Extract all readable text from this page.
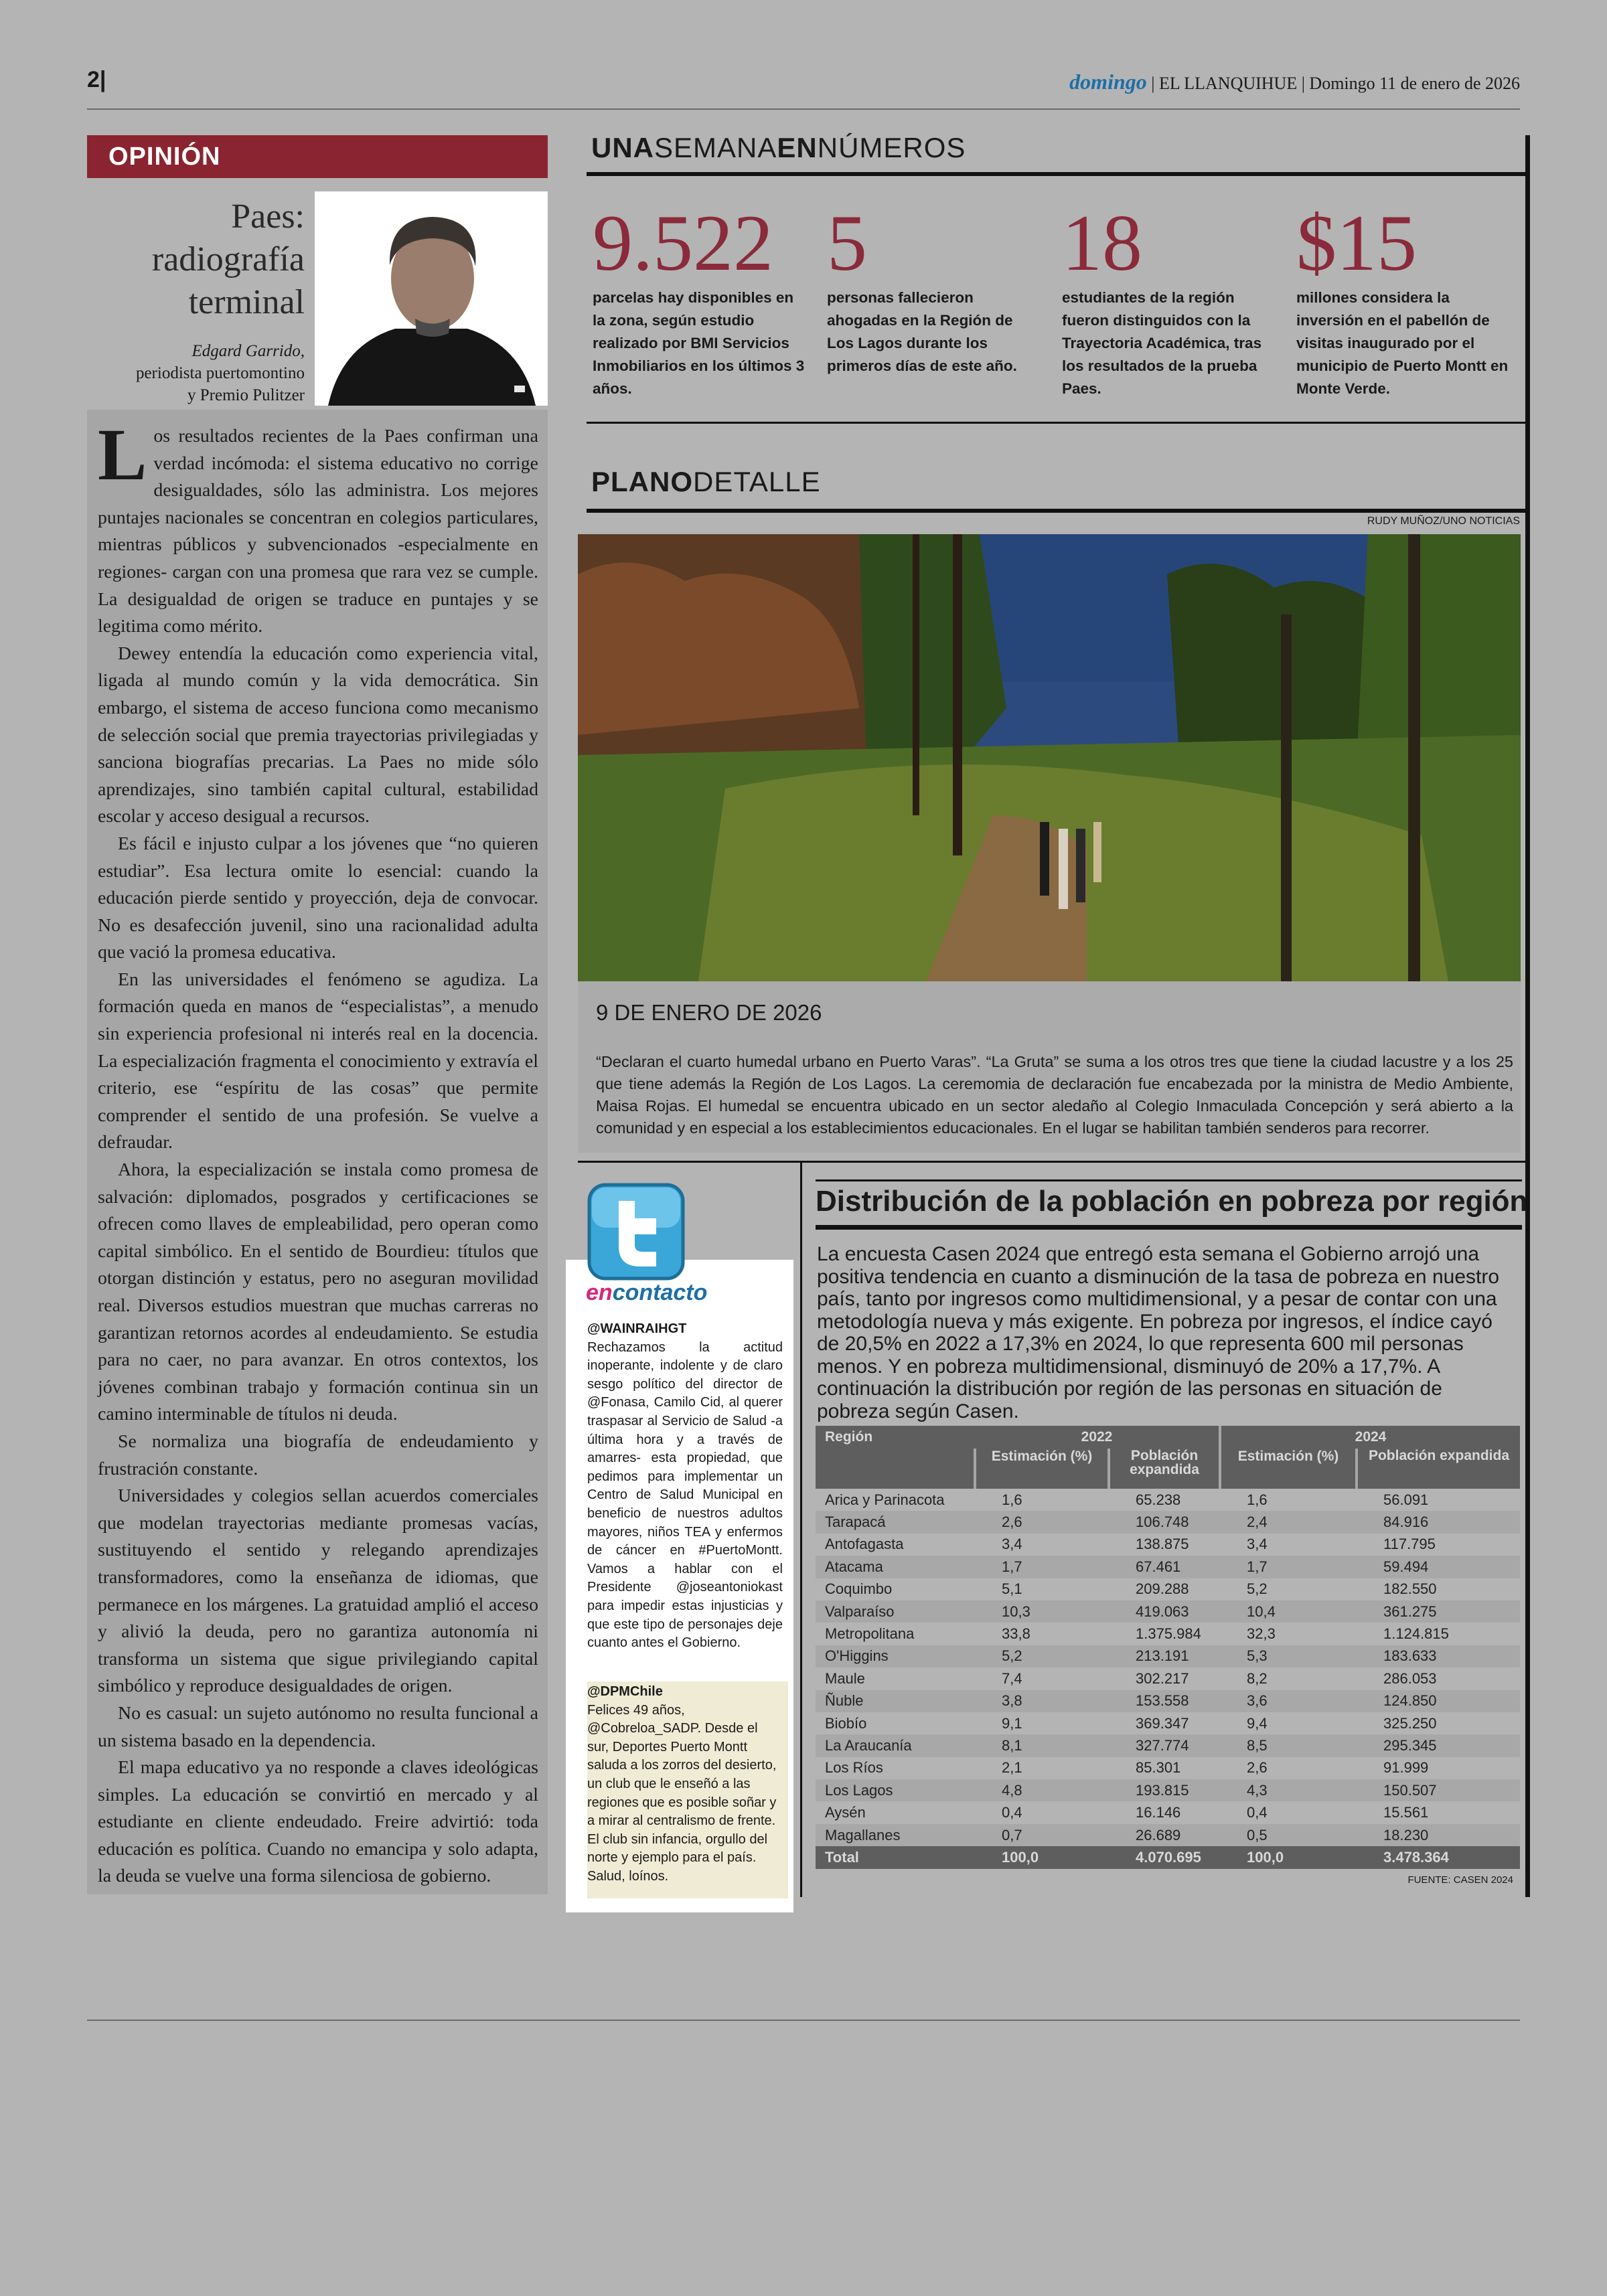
2|	domingo | EL LLANQUIHUE | Domingo 11 de enero de 2026
OPINIÓN
Paes: radiografía terminal
Edgard Garrido,
periodista puertomontino
y Premio Pulitzer

Los resultados recientes de la Paes confirman una verdad incómoda: el sistema educativo no corrige desigualdades, sólo las administra. Los mejores puntajes nacionales se concentran en colegios particulares, mientras públicos y subvencionados -especialmente en regiones- cargan con una promesa que rara vez se cumple. La desigualdad de origen se traduce en puntajes y se legitima como mérito.

Dewey entendía la educación como experiencia vital, ligada al mundo común y la vida democrática. Sin embargo, el sistema de acceso funciona como mecanismo de selección social que premia trayectorias privilegiadas y sanciona biografías precarias. La Paes no mide sólo aprendizajes, sino también capital cultural, estabilidad escolar y acceso desigual a recursos.

Es fácil e injusto culpar a los jóvenes que “no quieren estudiar”. Esa lectura omite lo esencial: cuando la educación pierde sentido y proyección, deja de convocar. No es desafección juvenil, sino una racionalidad adulta que vació la promesa educativa.

En las universidades el fenómeno se agudiza. La formación queda en manos de “especialistas”, a menudo sin experiencia profesional ni interés real en la docencia. La especialización fragmenta el conocimiento y extravía el criterio, ese “espíritu de las cosas” que permite comprender el sentido de una profesión. Se vuelve a defraudar.

Ahora, la especialización se instala como promesa de salvación: diplomados, posgrados y certificaciones se ofrecen como llaves de empleabilidad, pero operan como capital simbólico. En el sentido de Bourdieu: títulos que otorgan distinción y estatus, pero no aseguran movilidad real. Diversos estudios muestran que muchas carreras no garantizan retornos acordes al endeudamiento. Se estudia para no caer, no para avanzar. En otros contextos, los jóvenes combinan trabajo y formación continua sin un camino interminable de títulos ni deuda.

Se normaliza una biografía de endeudamiento y frustración constante.

Universidades y colegios sellan acuerdos comerciales que modelan trayectorias mediante promesas vacías, sustituyendo el sentido y relegando aprendizajes transformadores, como la enseñanza de idiomas, que permanece en los márgenes. La gratuidad amplió el acceso y alivió la deuda, pero no garantiza autonomía ni transforma un sistema que sigue privilegiando capital simbólico y reproduce desigualdades de origen.

No es casual: un sujeto autónomo no resulta funcional a un sistema basado en la dependencia.

El mapa educativo ya no responde a claves ideológicas simples. La educación se convirtió en mercado y al estudiante en cliente endeudado. Freire advirtió: toda educación es política. Cuando no emancipa y solo adapta, la deuda se vuelve una forma silenciosa de gobierno.

UNASEMANAENNÚMEROS
9.522
parcelas hay disponibles en la zona, según estudio realizado por BMI Servicios Inmobiliarios en los últimos 3 años.
5
personas fallecieron ahogadas en la Región de Los Lagos durante los primeros días de este año.
18
estudiantes de la región fueron distinguidos con la Trayectoria Académica, tras los resultados de la prueba Paes.
$15
millones considera la inversión en el pabellón de visitas inaugurado por el municipio de Puerto Montt en Monte Verde.
PLANODETALLE
RUDY MUÑOZ/UNO NOTICIAS
9 DE ENERO DE 2026
“Declaran el cuarto humedal urbano en Puerto Varas”. “La Gruta” se suma a los otros tres que tiene la ciudad lacustre y a los 25 que tiene además la Región de Los Lagos. La ceremomia de declaración fue encabezada por la ministra de Medio Ambiente, Maisa Rojas. El humedal se encuentra ubicado en un sector aledaño al Colegio Inmaculada Concepción y será abierto a la comunidad y en especial a los establecimientos educacionales. En el lugar se habilitan también senderos para recorrer.
encontacto
@WAINRAIHGT
Rechazamos la actitud inoperante, indolente y de claro sesgo político del director de @Fonasa, Camilo Cid, al querer traspasar al Servicio de Salud -a última hora y a través de amarres- esta propiedad, que pedimos para implementar un Centro de Salud Municipal en beneficio de nuestros adultos mayores, niños TEA y enfermos de cáncer en #PuertoMontt. Vamos a hablar con el Presidente @joseantoniokast para impedir estas injusticias y que este tipo de personajes deje cuanto antes el Gobierno.
@DPMChile
Felices 49 años, @Cobreloa_SADP. Desde el sur, Deportes Puerto Montt saluda a los zorros del desierto, un club que le enseñó a las regiones que es posible soñar y a mirar al centralismo de frente.
El club sin infancia, orgullo del norte y ejemplo para el país. Salud, loínos.
Distribución de la población en pobreza por región
La encuesta Casen 2024 que entregó esta semana el Gobierno arrojó una positiva tendencia en cuanto a disminución de la tasa de pobreza en nuestro país, tanto por ingresos como multidimensional, y a pesar de contar con una metodología nueva y más exigente. En pobreza por ingresos, el índice cayó de 20,5% en 2022 a 17,3% en 2024, lo que representa 600 mil personas menos. Y en pobreza multidimensional, disminuyó de 20% a 17,7%. A continuación la distribución por región de las personas en situación de pobreza según Casen.
Región	2022		2024	
	Estimación (%)	Población expandida	Estimación (%)	Población expandida
Arica y Parinacota	1,6	65.238	1,6	56.091
Tarapacá	2,6	106.748	2,4	84.916
Antofagasta	3,4	138.875	3,4	117.795
Atacama	1,7	67.461	1,7	59.494
Coquimbo	5,1	209.288	5,2	182.550
Valparaíso	10,3	419.063	10,4	361.275
Metropolitana	33,8	1.375.984	32,3	1.124.815
O'Higgins	5,2	213.191	5,3	183.633
Maule	7,4	302.217	8,2	286.053
Ñuble	3,8	153.558	3,6	124.850
Biobío	9,1	369.347	9,4	325.250
La Araucanía	8,1	327.774	8,5	295.345
Los Ríos	2,1	85.301	2,6	91.999
Los Lagos	4,8	193.815	4,3	150.507
Aysén	0,4	16.146	0,4	15.561
Magallanes	0,7	26.689	0,5	18.230
Total	100,0	4.070.695	100,0	3.478.364
FUENTE: CASEN 2024
